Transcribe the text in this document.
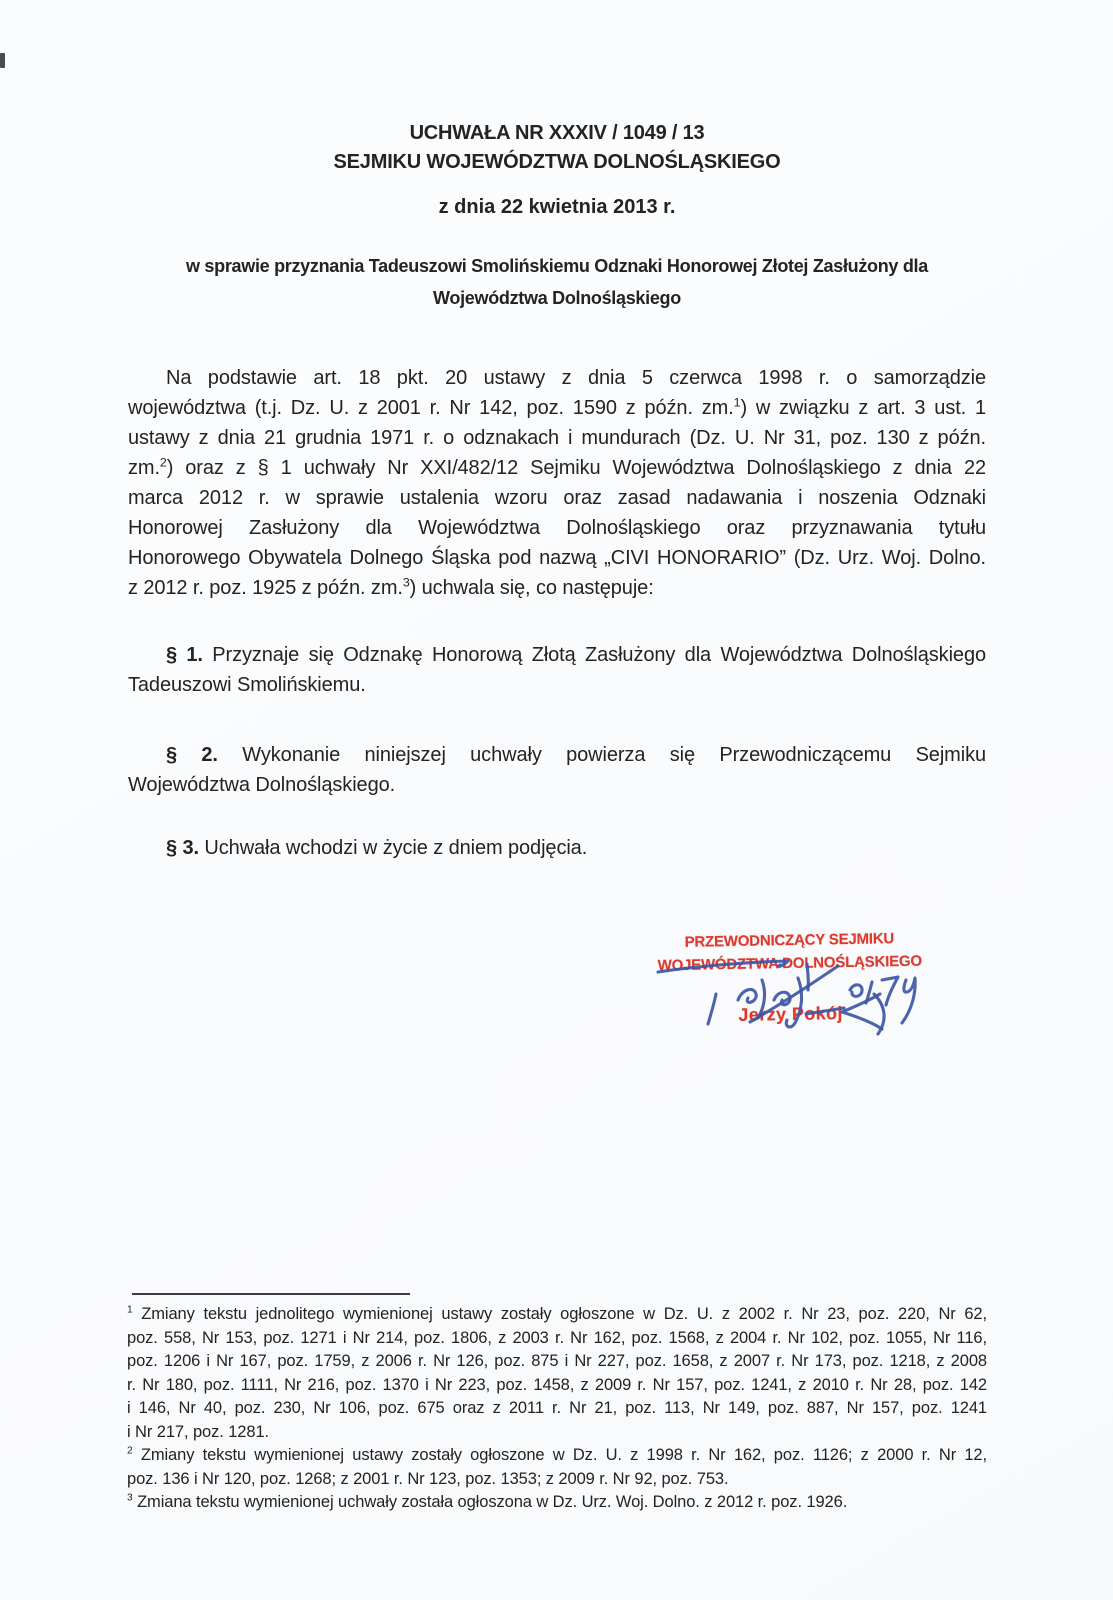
UCHWAŁA NR XXXIV / 1049 / 13
SEJMIKU WOJEWÓDZTWA DOLNOŚLĄSKIEGO
z dnia 22 kwietnia 2013 r.
w sprawie przyznania Tadeuszowi Smolińskiemu Odznaki Honorowej Złotej Zasłużony dla
Województwa Dolnośląskiego
Na podstawie art. 18 pkt. 20 ustawy z dnia 5 czerwca 1998 r. o samorządzie
województwa (t.j. Dz. U. z 2001 r. Nr 142, poz. 1590 z późn. zm.$^1$) w związku z art. 3 ust. 1
ustawy z dnia 21 grudnia 1971 r. o odznakach i mundurach (Dz. U. Nr 31, poz. 130 z późn.
zm.$^2$) oraz z § 1 uchwały Nr XXI/482/12 Sejmiku Województwa Dolnośląskiego z dnia 22
marca 2012 r. w sprawie ustalenia wzoru oraz zasad nadawania i noszenia Odznaki
Honorowej Zasłużony dla Województwa Dolnośląskiego oraz przyznawania tytułu
Honorowego Obywatela Dolnego Śląska pod nazwą „CIVI HONORARIO” (Dz. Urz. Woj. Dolno.
z 2012 r. poz. 1925 z późn. zm.$^3$) uchwala się, co następuje:
§ 1. Przyznaje się Odznakę Honorową Złotą Zasłużony dla Województwa Dolnośląskiego
Tadeuszowi Smolińskiemu.
§ 2. Wykonanie niniejszej uchwały powierza się Przewodniczącemu Sejmiku
Województwa Dolnośląskiego.
§ 3. Uchwała wchodzi w życie z dniem podjęcia.
PRZEWODNICZĄCY SEJMIKU
WOJEWÓDZTWA DOLNOŚLĄSKIEGO
Jerzy Pokój
$^1$ Zmiany tekstu jednolitego wymienionej ustawy zostały ogłoszone w Dz. U. z 2002 r. Nr 23, poz. 220, Nr 62,
poz. 558, Nr 153, poz. 1271 i Nr 214, poz. 1806, z 2003 r. Nr 162, poz. 1568, z 2004 r. Nr 102, poz. 1055, Nr 116,
poz. 1206 i Nr 167, poz. 1759, z 2006 r. Nr 126, poz. 875 i Nr 227, poz. 1658, z 2007 r. Nr 173, poz. 1218, z 2008
r. Nr 180, poz. 1111, Nr 216, poz. 1370 i Nr 223, poz. 1458, z 2009 r. Nr 157, poz. 1241, z 2010 r. Nr 28, poz. 142
i 146, Nr 40, poz. 230, Nr 106, poz. 675 oraz z 2011 r. Nr 21, poz. 113, Nr 149, poz. 887, Nr 157, poz. 1241
i Nr 217, poz. 1281.
$^2$ Zmiany tekstu wymienionej ustawy zostały ogłoszone w Dz. U. z 1998 r. Nr 162, poz. 1126; z 2000 r. Nr 12,
poz. 136 i Nr 120, poz. 1268; z 2001 r. Nr 123, poz. 1353; z 2009 r. Nr 92, poz. 753.
$^3$ Zmiana tekstu wymienionej uchwały została ogłoszona w Dz. Urz. Woj. Dolno. z 2012 r. poz. 1926.
